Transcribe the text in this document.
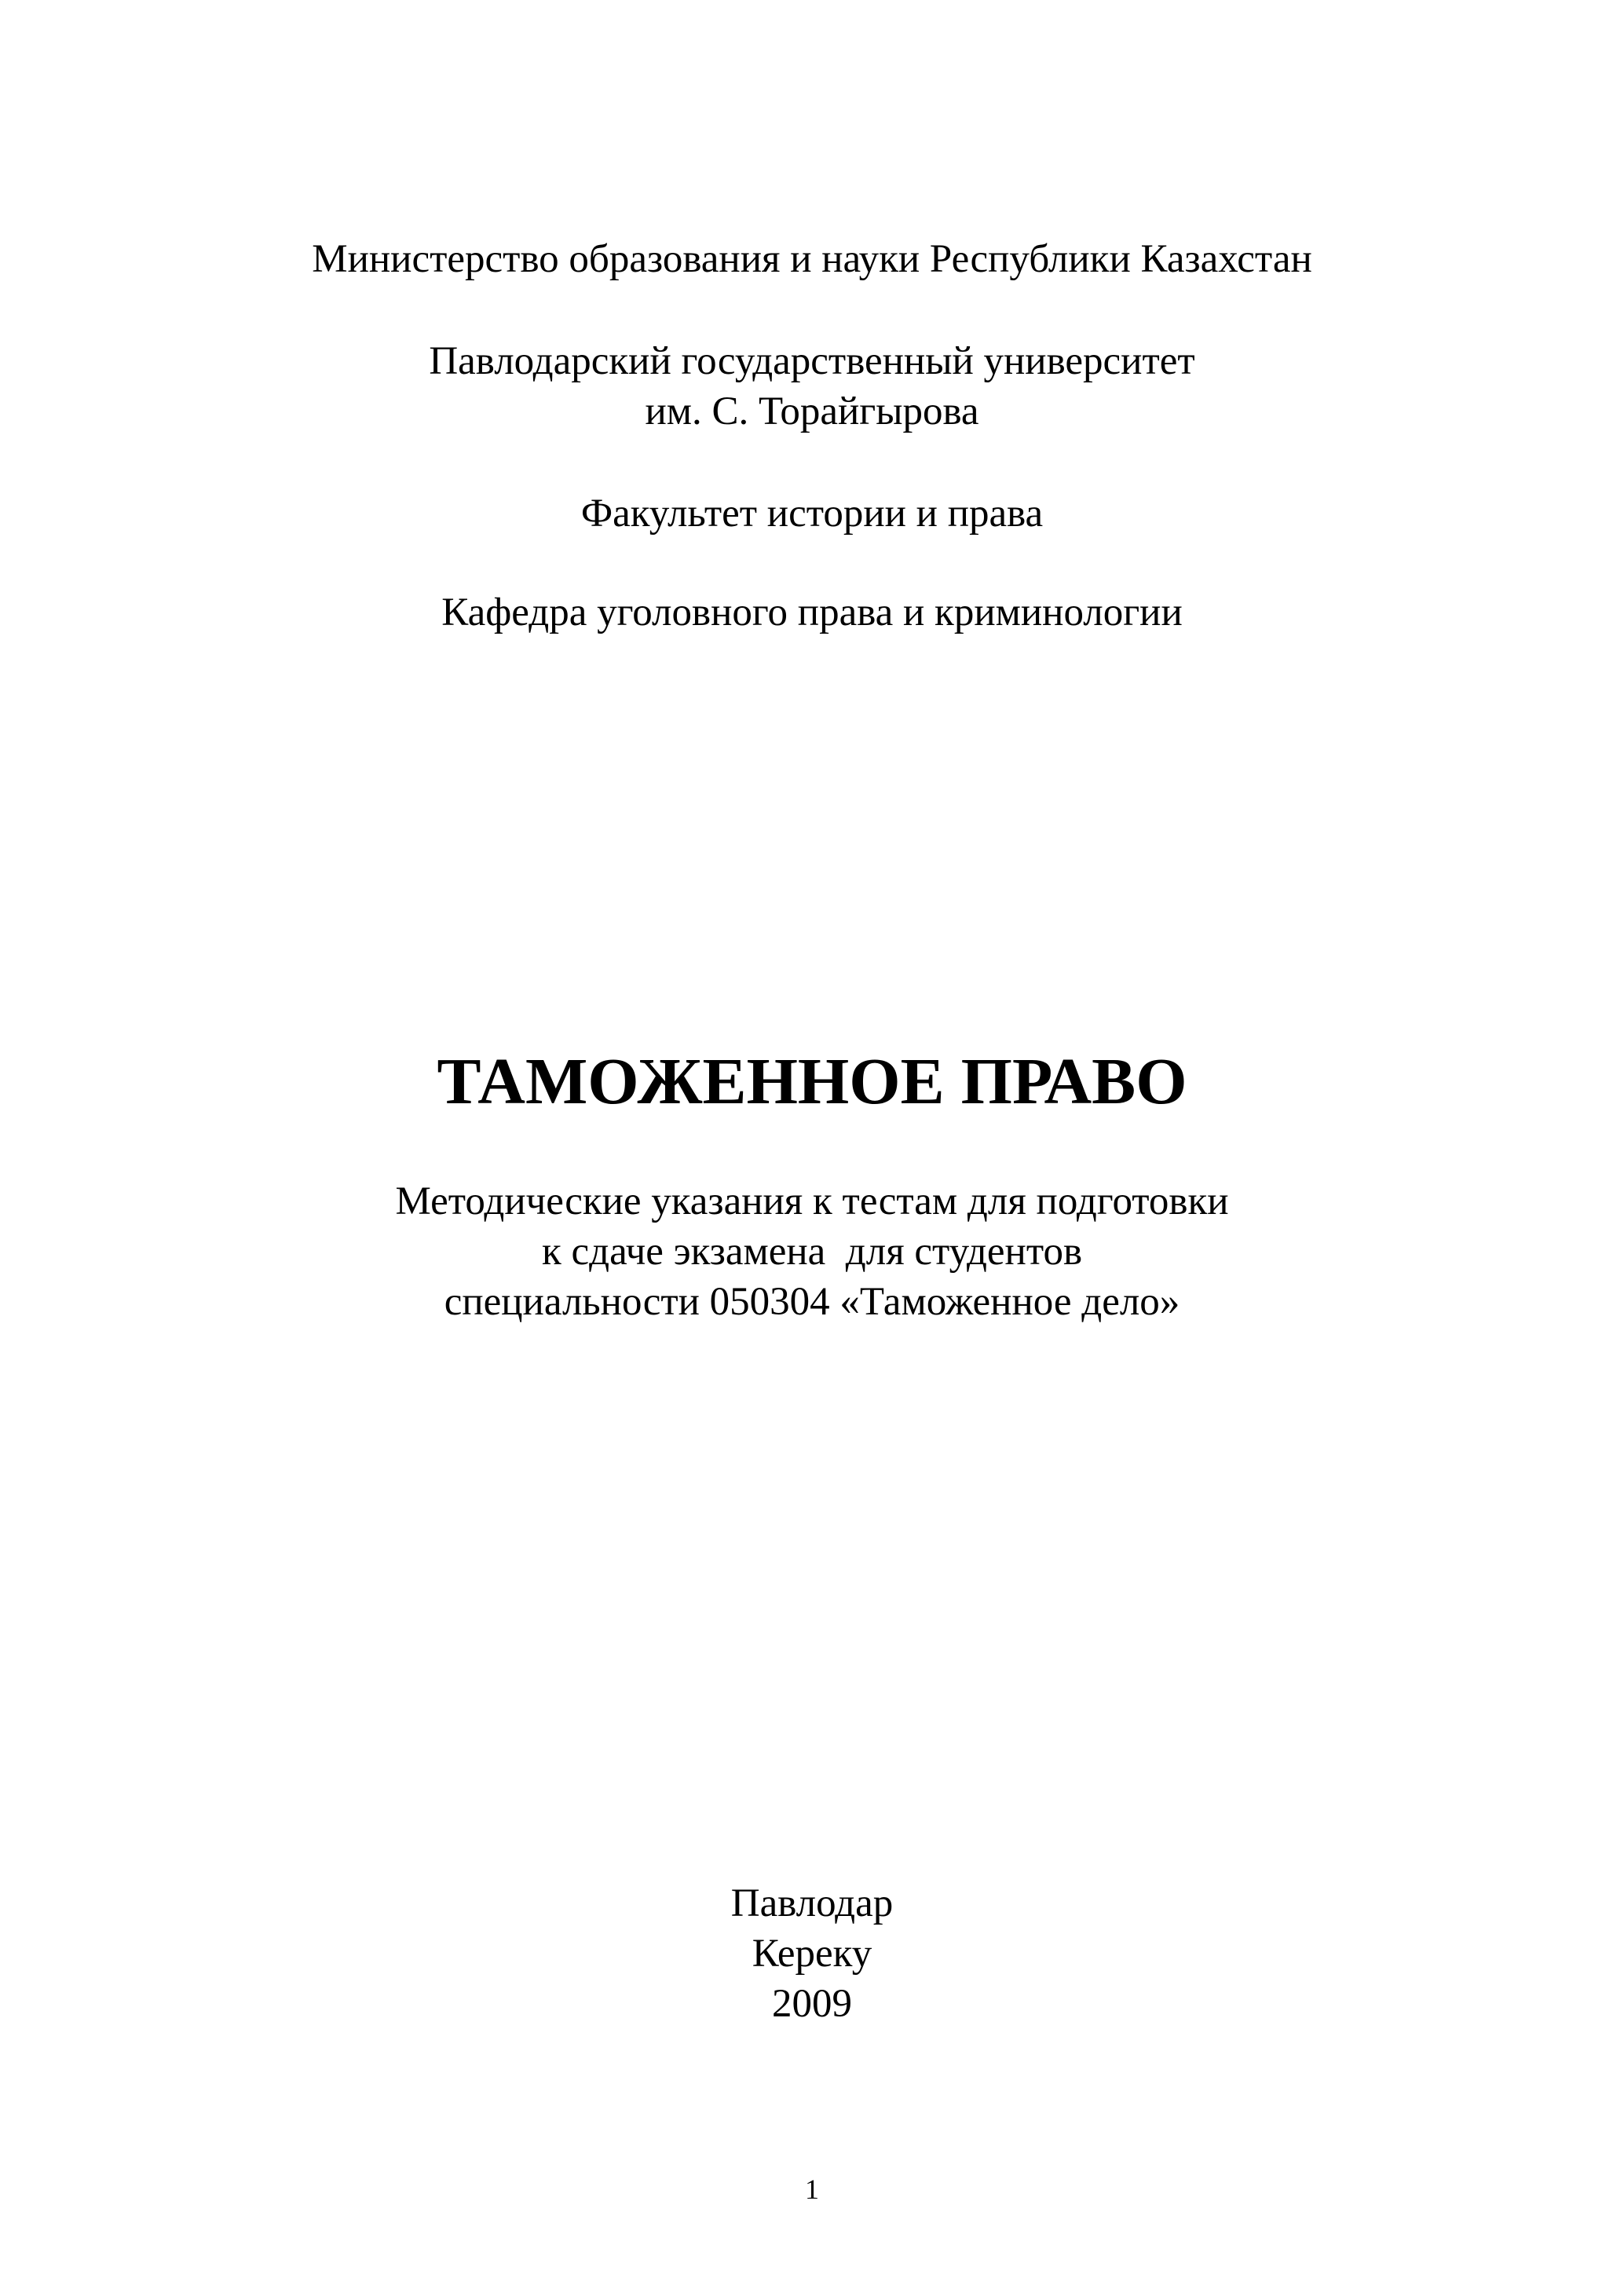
Министерство образования и науки Республики Казахстан
Павлодарский государственный университет
им. С. Торайгырова
Факультет истории и права
Кафедра уголовного права и криминологии
ТАМОЖЕННОЕ ПРАВО
Методические указания к тестам для подготовки
к сдаче экзамена  для студентов
специальности 050304 «Таможенное дело»
Павлодар
Кереку
2009
1
